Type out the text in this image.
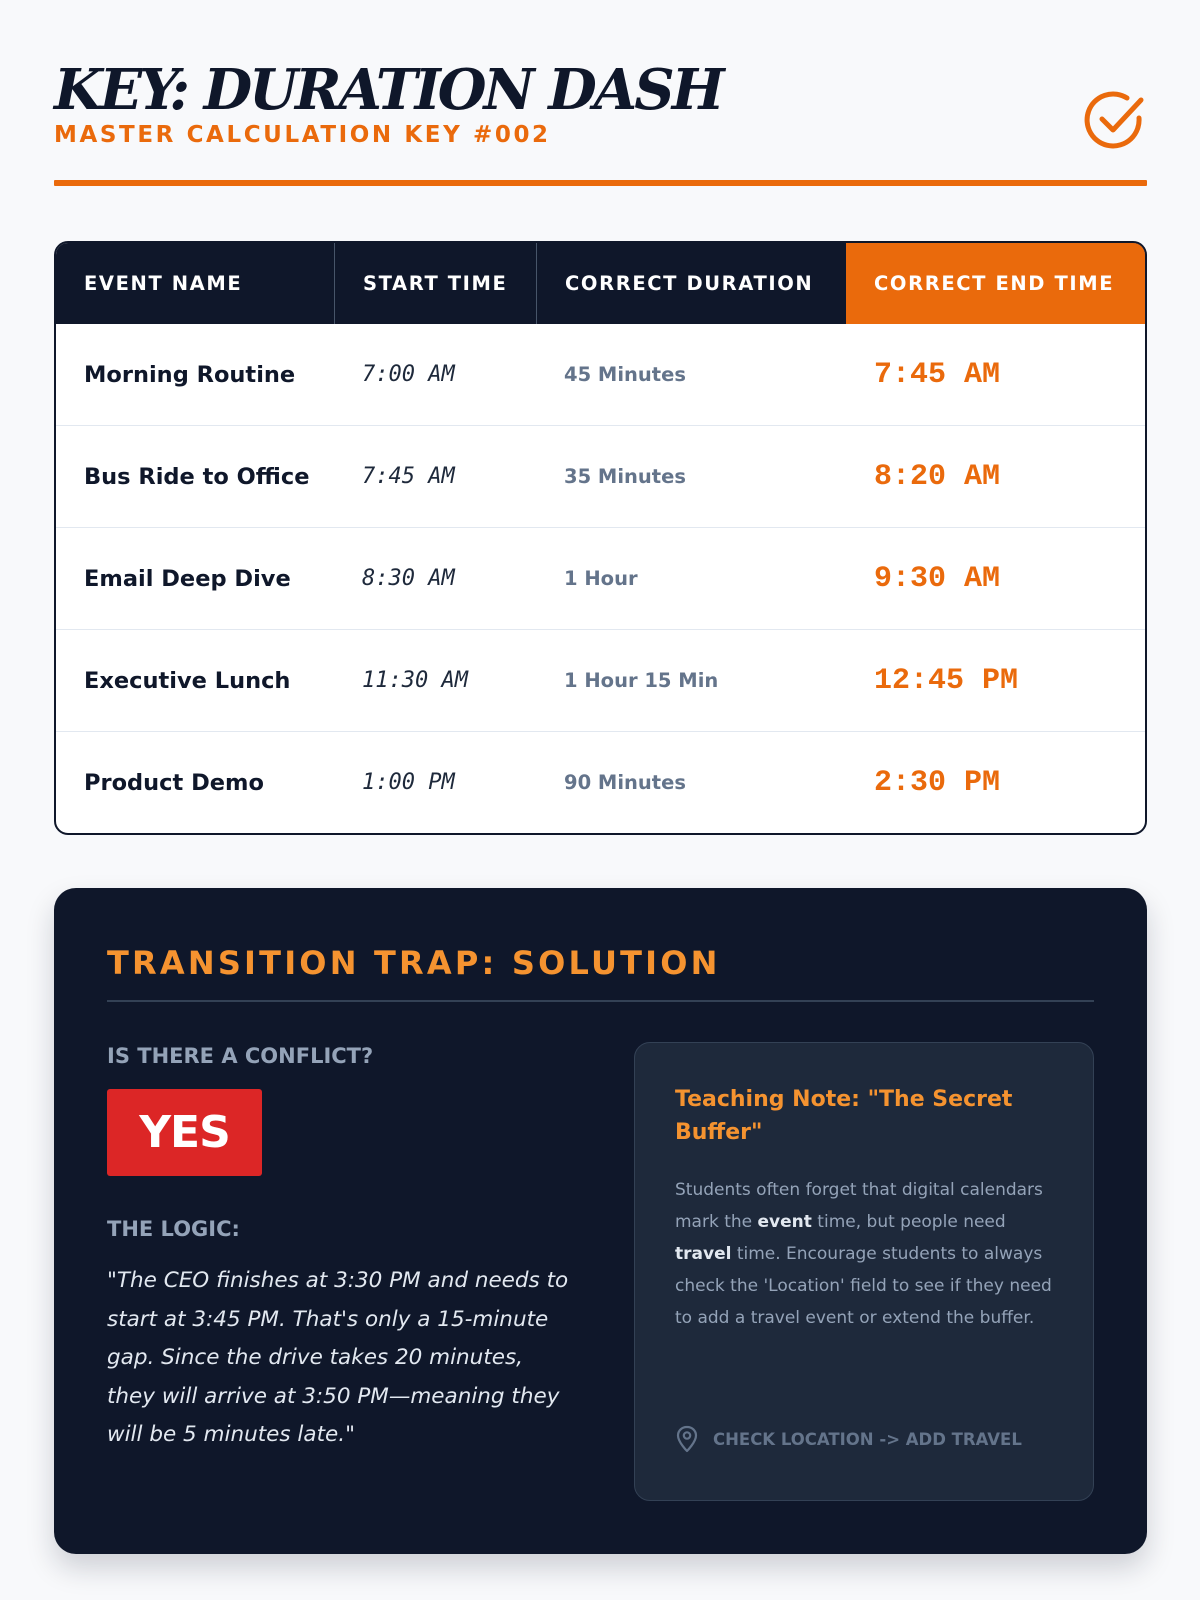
KEY: DURATION DASH
MASTER CALCULATION KEY #002
EVENT NAME	START TIME	CORRECT DURATION	CORRECT END TIME
Morning Routine	7:00 AM	45 Minutes	7:45 AM
Bus Ride to Office	7:45 AM	35 Minutes	8:20 AM
Email Deep Dive	8:30 AM	1 Hour	9:30 AM
Executive Lunch	11:30 AM	1 Hour 15 Min	12:45 PM
Product Demo	1:00 PM	90 Minutes	2:30 PM
TRANSITION TRAP: SOLUTION
IS THERE A CONFLICT?
YES
THE LOGIC:

"The CEO finishes at 3:30 PM and needs to start at 3:45 PM. That's only a 15-minute gap. Since the drive takes 20 minutes, they will arrive at 3:50 PM—meaning they will be 5 minutes late."

Teaching Note: "The Secret Buffer"

Students often forget that digital calendars mark the event time, but people need travel time. Encourage students to always check the 'Location' field to see if they need to add a travel event or extend the buffer.

CHECK LOCATION -> ADD TRAVEL
